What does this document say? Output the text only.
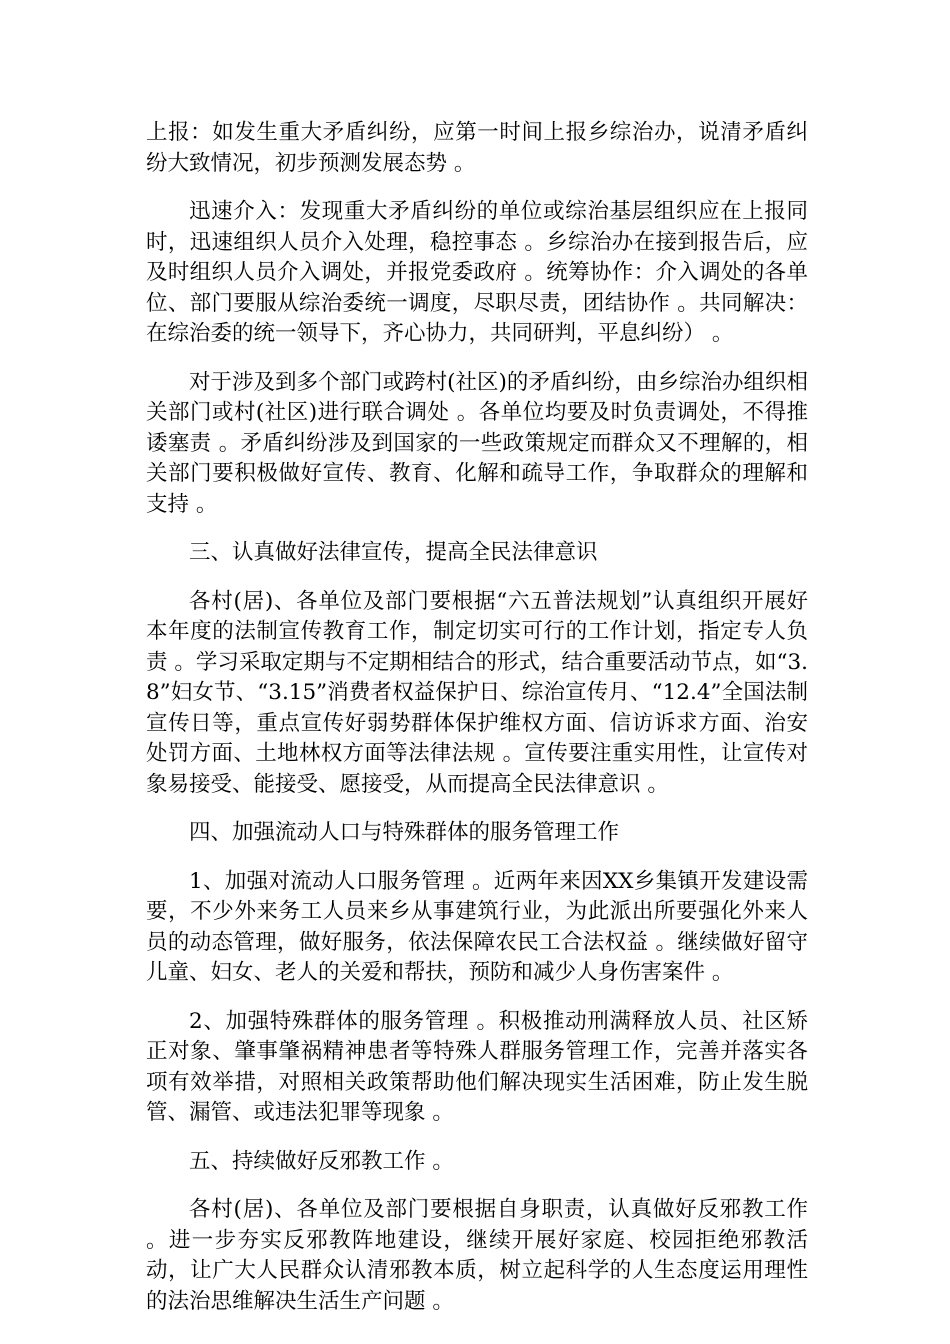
上报：如发生重大矛盾纠纷，应第一时间上报乡综治办，说清矛盾纠纷大致情况，初步预测发展态势 。

迅速介入：发现重大矛盾纠纷的单位或综治基层组织应在上报同时，迅速组织人员介入处理，稳控事态 。乡综治办在接到报告后，应及时组织人员介入调处，并报党委政府 。统筹协作：介入调处的各单位、部门要服从综治委统一调度，尽职尽责，团结协作 。共同解决：在综治委的统一领导下，齐心协力，共同研判，平息纠纷） 。

对于涉及到多个部门或跨村(社区)的矛盾纠纷，由乡综治办组织相关部门或村(社区)进行联合调处 。各单位均要及时负责调处，不得推诿塞责 。矛盾纠纷涉及到国家的一些政策规定而群众又不理解的，相关部门要积极做好宣传、教育、化解和疏导工作，争取群众的理解和支持 。

三、认真做好法律宣传，提高全民法律意识

各村(居)、各单位及部门要根据“六五普法规划”认真组织开展好本年度的法制宣传教育工作，制定切实可行的工作计划，指定专人负责 。学习采取定期与不定期相结合的形式，结合重要活动节点，如“3.8”妇女节、“3.15”消费者权益保护日、综治宣传月、“12.4”全国法制宣传日等，重点宣传好弱势群体保护维权方面、信访诉求方面、治安处罚方面、土地林权方面等法律法规 。宣传要注重实用性，让宣传对象易接受、能接受、愿接受，从而提高全民法律意识 。

四、加强流动人口与特殊群体的服务管理工作

1、加强对流动人口服务管理 。近两年来因XX乡集镇开发建设需要，不少外来务工人员来乡从事建筑行业，为此派出所要强化外来人员的动态管理，做好服务，依法保障农民工合法权益 。继续做好留守儿童、妇女、老人的关爱和帮扶，预防和减少人身伤害案件 。

2、加强特殊群体的服务管理 。积极推动刑满释放人员、社区矫正对象、肇事肇祸精神患者等特殊人群服务管理工作，完善并落实各项有效举措，对照相关政策帮助他们解决现实生活困难，防止发生脱管、漏管、或违法犯罪等现象 。

五、持续做好反邪教工作 。

各村(居)、各单位及部门要根据自身职责，认真做好反邪教工作 。进一步夯实反邪教阵地建设，继续开展好家庭、校园拒绝邪教活动，让广大人民群众认清邪教本质，树立起科学的人生态度运用理性的法治思维解决生活生产问题 。
